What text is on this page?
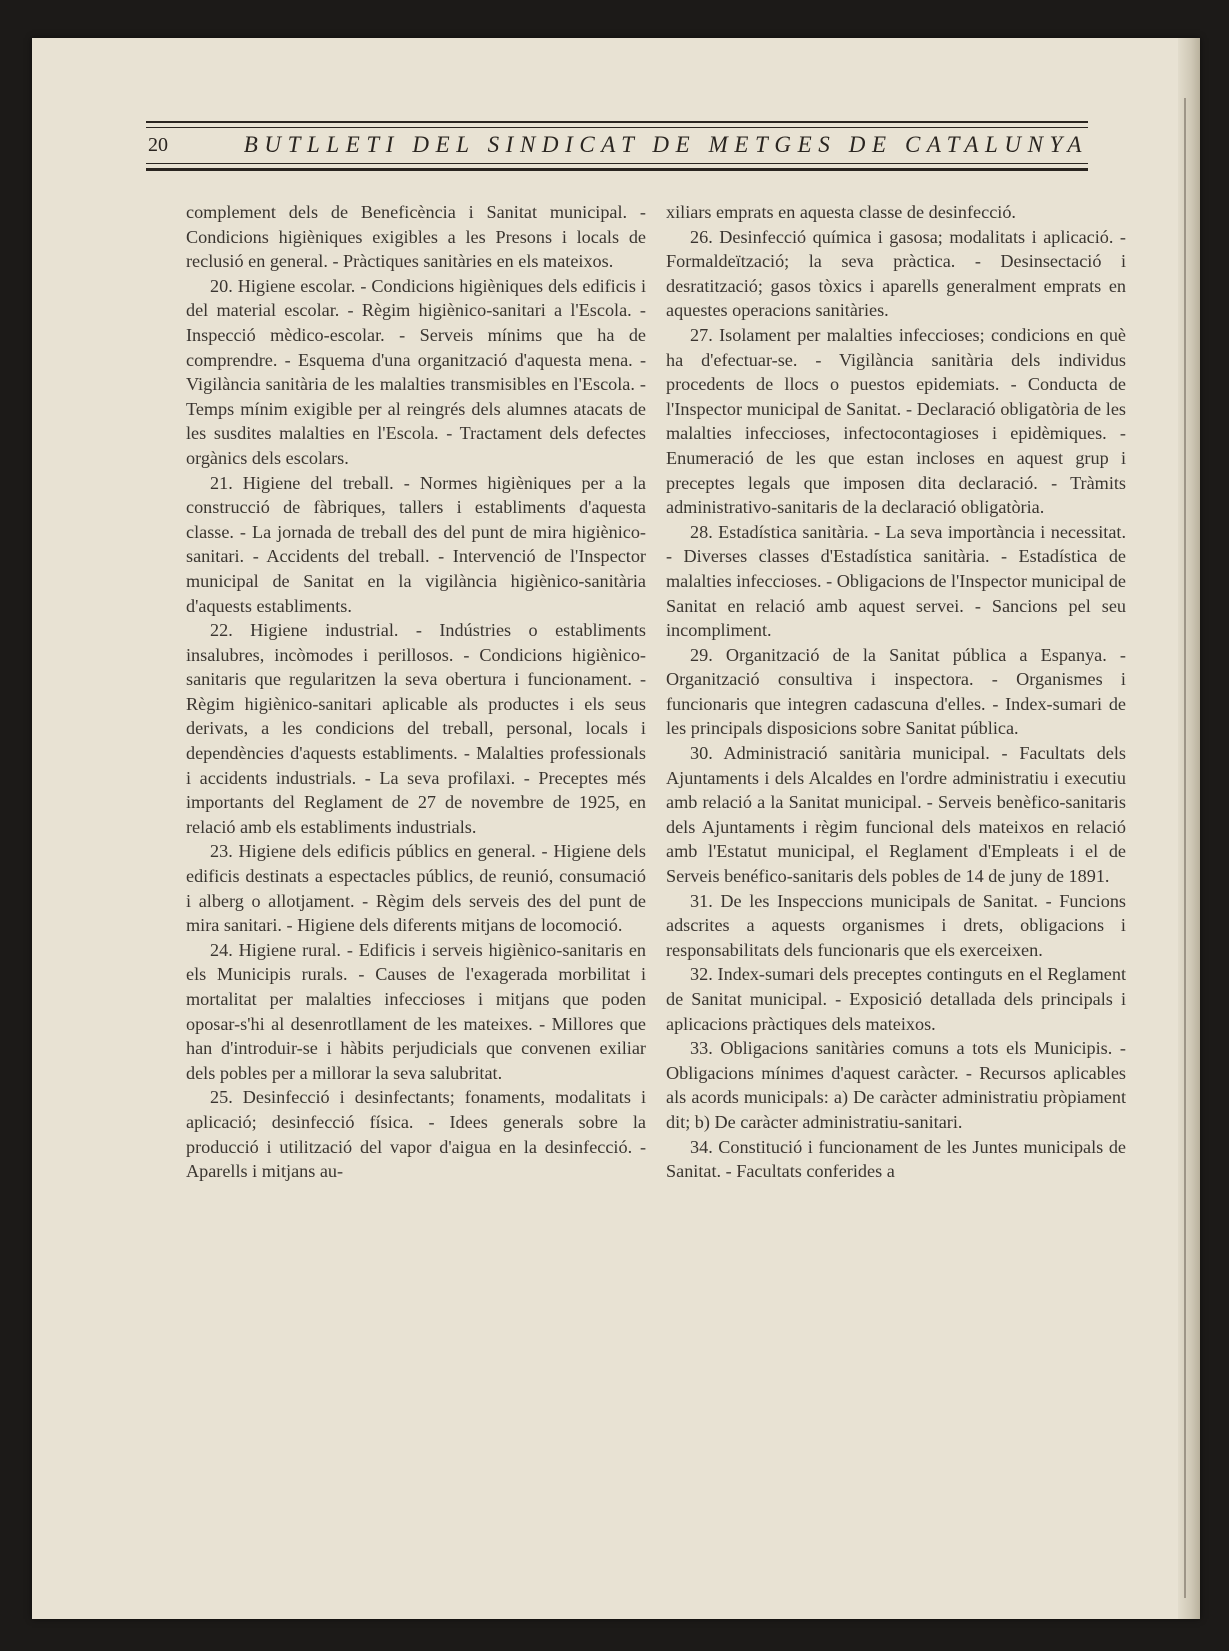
20	BUTLLETI DEL SINDICAT DE METGES DE CATALUNYA

complement dels de Beneficència i Sanitat municipal. - Condicions higièniques exigibles a les Presons i locals de reclusió en general. - Pràctiques sanitàries en els mateixos.

20. Higiene escolar. - Condicions higièniques dels edificis i del material escolar. - Règim higiènico-sanitari a l'Escola. - Inspecció mèdico-escolar. - Serveis mínims que ha de comprendre. - Esquema d'una organització d'aquesta mena. - Vigilància sanitària de les malalties transmisibles en l'Escola. - Temps mínim exigible per al reingrés dels alumnes atacats de les susdites malalties en l'Escola. - Tractament dels defectes orgànics dels escolars.

21. Higiene del treball. - Normes higièniques per a la construcció de fàbriques, tallers i establiments d'aquesta classe. - La jornada de treball des del punt de mira higiènico-sanitari. - Accidents del treball. - Intervenció de l'Inspector municipal de Sanitat en la vigilància higiènico-sanitària d'aquests establiments.

22. Higiene industrial. - Indústries o establiments insalubres, incòmodes i perillosos. - Condicions higiènico-sanitaris que regularitzen la seva obertura i funcionament. - Règim higiènico-sanitari aplicable als productes i els seus derivats, a les condicions del treball, personal, locals i dependències d'aquests establiments. - Malalties professionals i accidents industrials. - La seva profilaxi. - Preceptes més importants del Reglament de 27 de novembre de 1925, en relació amb els establiments industrials.

23. Higiene dels edificis públics en general. - Higiene dels edificis destinats a espectacles públics, de reunió, consumació i alberg o allotjament. - Règim dels serveis des del punt de mira sanitari. - Higiene dels diferents mitjans de locomoció.

24. Higiene rural. - Edificis i serveis higiènico-sanitaris en els Municipis rurals. - Causes de l'exagerada morbilitat i mortalitat per malalties infeccioses i mitjans que poden oposar-s'hi al desenrotllament de les mateixes. - Millores que han d'introduir-se i hàbits perjudicials que convenen exiliar dels pobles per a millorar la seva salubritat.

25. Desinfecció i desinfectants; fonaments, modalitats i aplicació; desinfecció física. - Idees generals sobre la producció i utilització del vapor d'aigua en la desinfecció. - Aparells i mitjans au-

xiliars emprats en aquesta classe de desinfecció.

26. Desinfecció química i gasosa; modalitats i aplicació. - Formaldeïtzació; la seva pràctica. - Desinsectació i desratització; gasos tòxics i aparells generalment emprats en aquestes operacions sanitàries.

27. Isolament per malalties infeccioses; condicions en què ha d'efectuar-se. - Vigilància sanitària dels individus procedents de llocs o puestos epidemiats. - Conducta de l'Inspector municipal de Sanitat. - Declaració obligatòria de les malalties infeccioses, infectocontagioses i epidèmiques. - Enumeració de les que estan incloses en aquest grup i preceptes legals que imposen dita declaració. - Tràmits administrativo-sanitaris de la declaració obligatòria.

28. Estadística sanitària. - La seva importància i necessitat. - Diverses classes d'Estadística sanitària. - Estadística de malalties infeccioses. - Obligacions de l'Inspector municipal de Sanitat en relació amb aquest servei. - Sancions pel seu incompliment.

29. Organització de la Sanitat pública a Espanya. - Organització consultiva i inspectora. - Organismes i funcionaris que integren cadascuna d'elles. - Index-sumari de les principals disposicions sobre Sanitat pública.

30. Administració sanitària municipal. - Facultats dels Ajuntaments i dels Alcaldes en l'ordre administratiu i executiu amb relació a la Sanitat municipal. - Serveis benèfico-sanitaris dels Ajuntaments i règim funcional dels mateixos en relació amb l'Estatut municipal, el Reglament d'Empleats i el de Serveis benéfico-sanitaris dels pobles de 14 de juny de 1891.

31. De les Inspeccions municipals de Sanitat. - Funcions adscrites a aquests organismes i drets, obligacions i responsabilitats dels funcionaris que els exerceixen.

32. Index-sumari dels preceptes continguts en el Reglament de Sanitat municipal. - Exposició detallada dels principals i aplicacions pràctiques dels mateixos.

33. Obligacions sanitàries comuns a tots els Municipis. - Obligacions mínimes d'aquest caràcter. - Recursos aplicables als acords municipals: a) De caràcter administratiu pròpiament dit; b) De caràcter administratiu-sanitari.

34. Constitució i funcionament de les Juntes municipals de Sanitat. - Facultats conferides a
